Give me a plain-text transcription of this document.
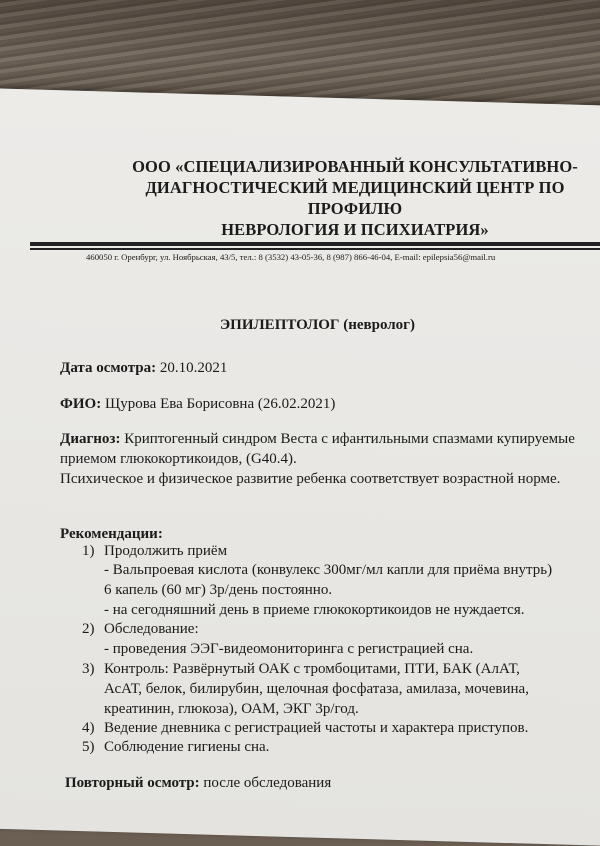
ООО «СПЕЦИАЛИЗИРОВАННЫЙ КОНСУЛЬТАТИВНО-
ДИАГНОСТИЧЕСКИЙ МЕДИЦИНСКИЙ ЦЕНТР ПО ПРОФИЛЮ
НЕВРОЛОГИЯ И ПСИХИАТРИЯ»
460050 г. Оренбург, ул. Ноябрьская, 43/5, тел.: 8 (3532) 43-05-36, 8 (987) 866-46-04, E-mail: epilepsia56@mail.ru
ЭПИЛЕПТОЛОГ (невролог)
Дата осмотра: 20.10.2021
ФИО: Щурова Ева Борисовна (26.02.2021)
Диагноз: Криптогенный синдром Веста с ифантильными спазмами купируемые приемом глюкокортикоидов, (G40.4).
Психическое и физическое развитие ребенка соответствует возрастной норме.
Рекомендации:
1) Продолжить приём
- Вальпроевая кислота (конвулекс 300мг/мл капли для приёма внутрь)
6 капель (60 мг) 3р/день постоянно.
- на сегодняшний день в приеме глюкокортикоидов не нуждается.
2) Обследование:
- проведения ЭЭГ-видеомониторинга с регистрацией сна.
3) Контроль: Развёрнутый ОАК с тромбоцитами, ПТИ, БАК (АлАТ,
АсАТ, белок, билирубин, щелочная фосфатаза, амилаза, мочевина,
креатинин, глюкоза), ОАМ, ЭКГ 3р/год.
4) Ведение дневника с регистрацией частоты и характера приступов.
5) Соблюдение гигиены сна.
Повторный осмотр: после обследования
